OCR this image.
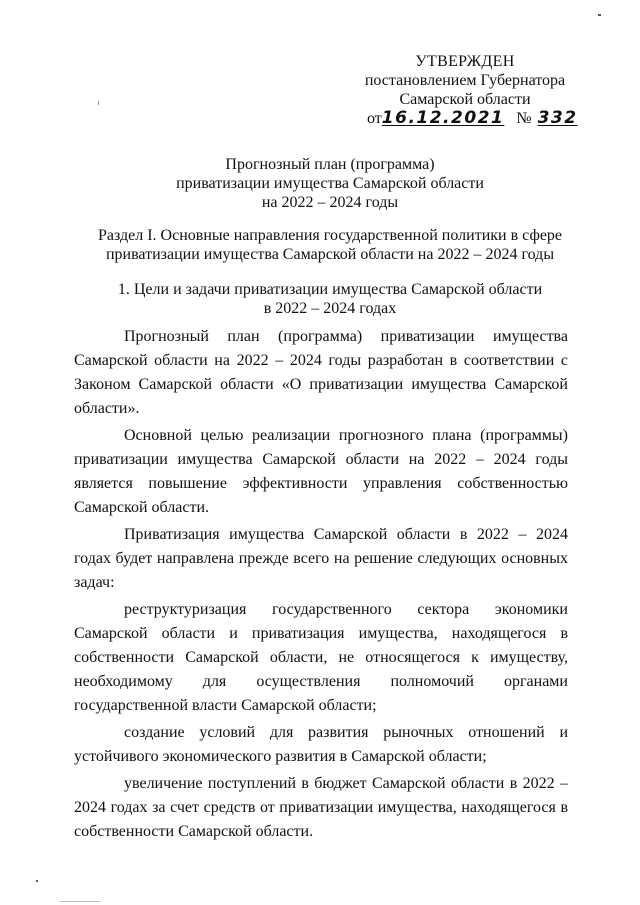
УТВЕРЖДЕН
постановлением Губернатора
Самарской области
от16.12.2021 № 332
Прогнозный план (программа)
приватизации имущества Самарской области
на 2022 – 2024 годы
Раздел I. Основные направления государственной политики в сфере
приватизации имущества Самарской области на 2022 – 2024 годы
1. Цели и задачи приватизации имущества Самарской области
в 2022 – 2024 годах

Прогнозный план (программа) приватизации имущества Самарской области на 2022 – 2024 годы разработан в соответствии с Законом Самарской области «О приватизации имущества Самарской области».

Основной целью реализации прогнозного плана (программы) приватизации имущества Самарской области на 2022 – 2024 годы является повышение эффективности управления собственностью Самарской области.

Приватизация имущества Самарской области в 2022 – 2024 годах будет направлена прежде всего на решение следующих основных задач:

реструктуризация государственного сектора экономики Самарской области и приватизация имущества, находящегося в собственности Самарской области, не относящегося к имуществу, необходимому для осуществления полномочий органами государственной власти Самарской области;

создание условий для развития рыночных отношений и устойчивого экономического развития в Самарской области;

увеличение поступлений в бюджет Самарской области в 2022 – 2024 годах за счет средств от приватизации имущества, находящегося в собственности Самарской области.
